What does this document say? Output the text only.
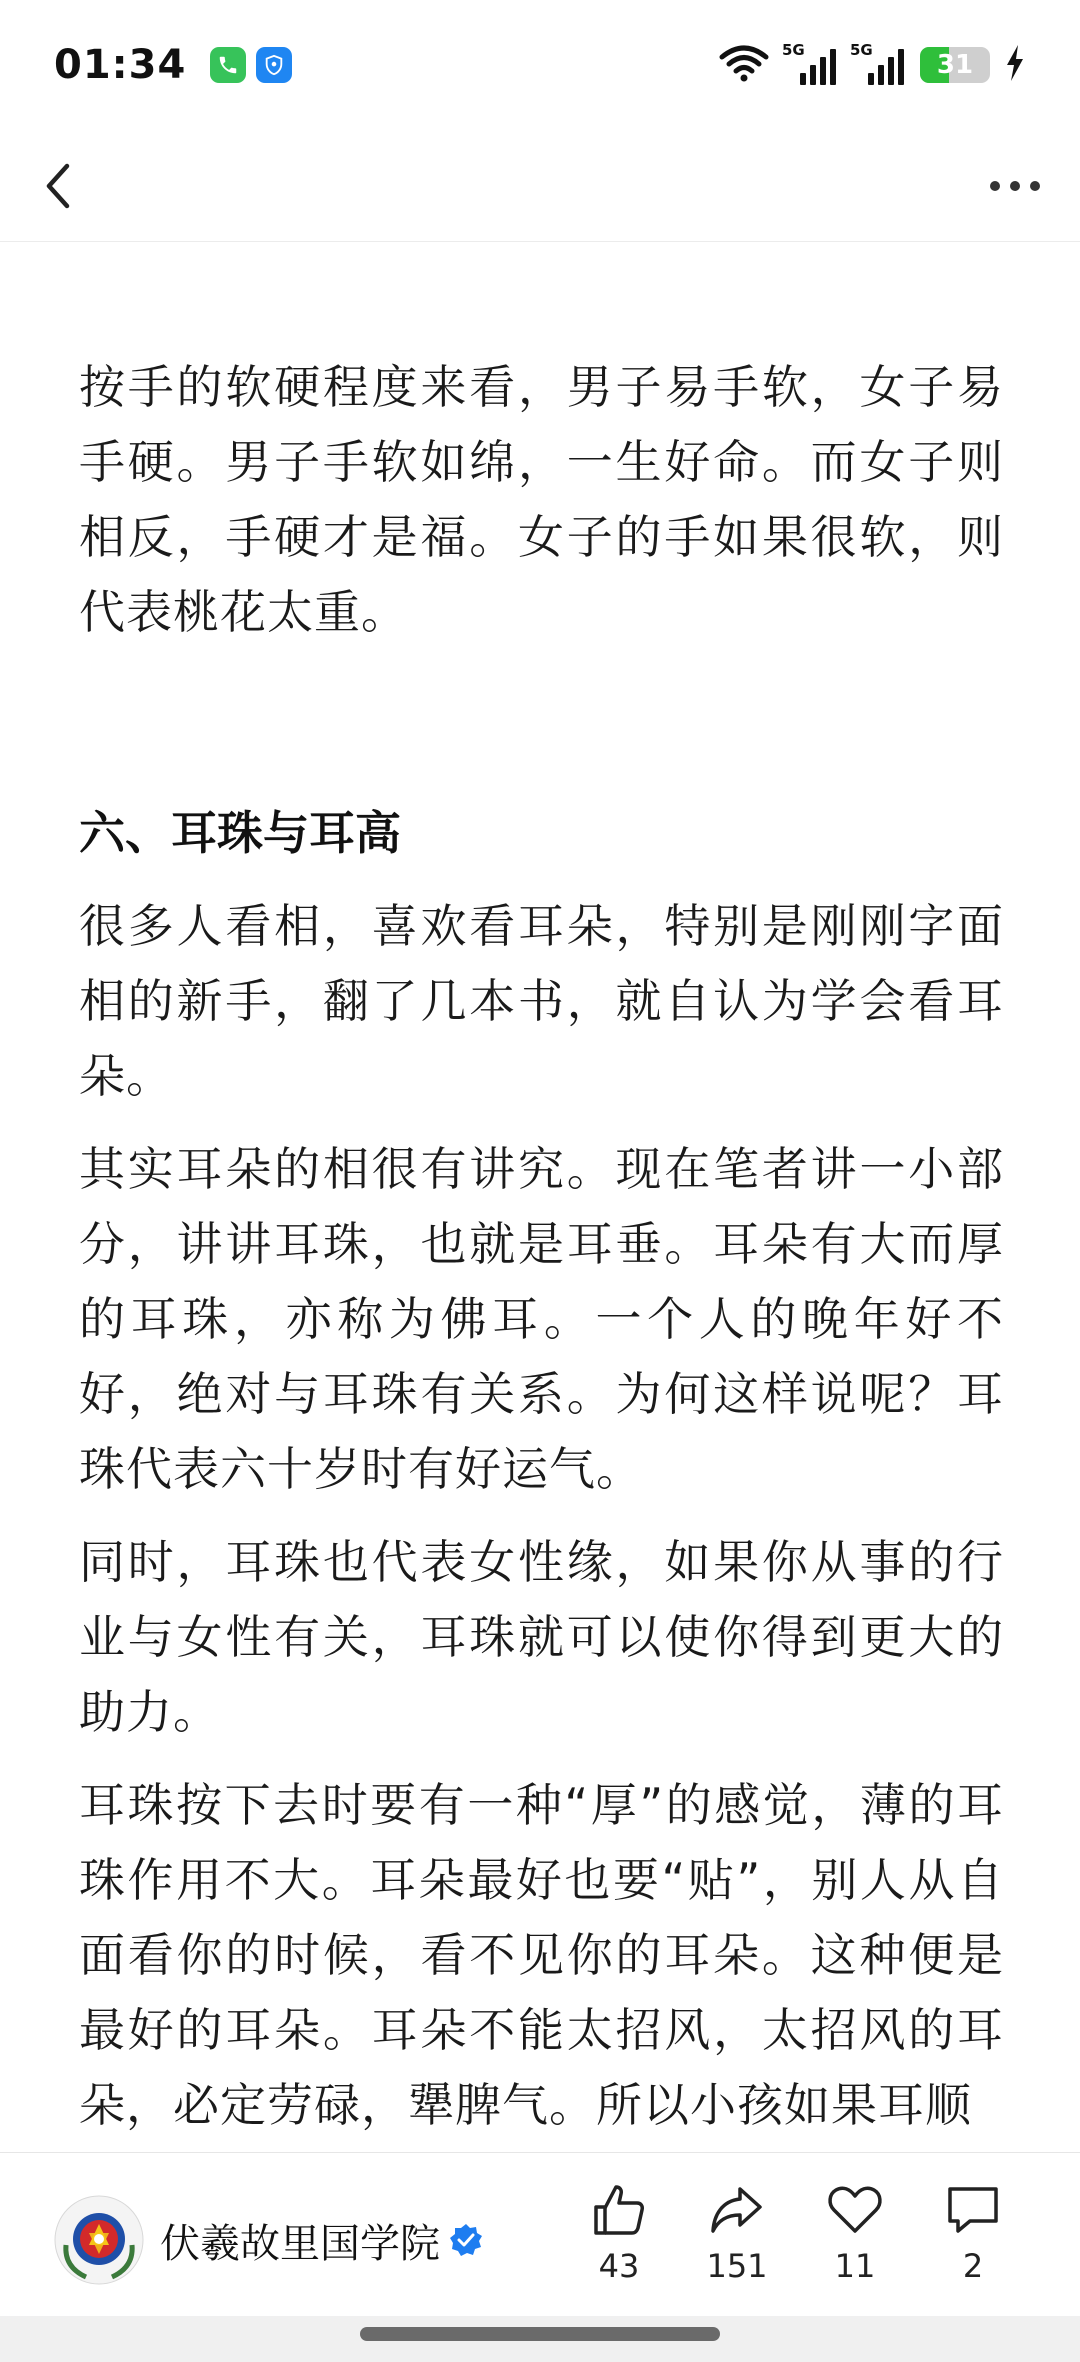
01:34	5G	5G	31

按手的软硬程度来看，男子易手软，女子易手硬。男子手软如绵，一生好命。而女子则相反，手硬才是福。女子的手如果很软，则代表桃花太重。

六、耳珠与耳高

很多人看相，喜欢看耳朵，特别是刚刚字面相的新手，翻了几本书，就自认为学会看耳朵。

其实耳朵的相很有讲究。现在笔者讲一小部分，讲讲耳珠，也就是耳垂。耳朵有大而厚的耳珠，亦称为佛耳。一个人的晚年好不好，绝对与耳珠有关系。为何这样说呢？耳珠代表六十岁时有好运气。

同时，耳珠也代表女性缘，如果你从事的行业与女性有关，耳珠就可以使你得到更大的助力。

耳珠按下去时要有一种“厚”的感觉，薄的耳珠作用不大。耳朵最好也要“贴”，别人从自面看你的时候，看不见你的耳朵。这种便是最好的耳朵。耳朵不能太招风，太招风的耳朵，必定劳碌，犟脾气。所以小孩如果耳顺

伏羲故里国学院	43 151 11	2
